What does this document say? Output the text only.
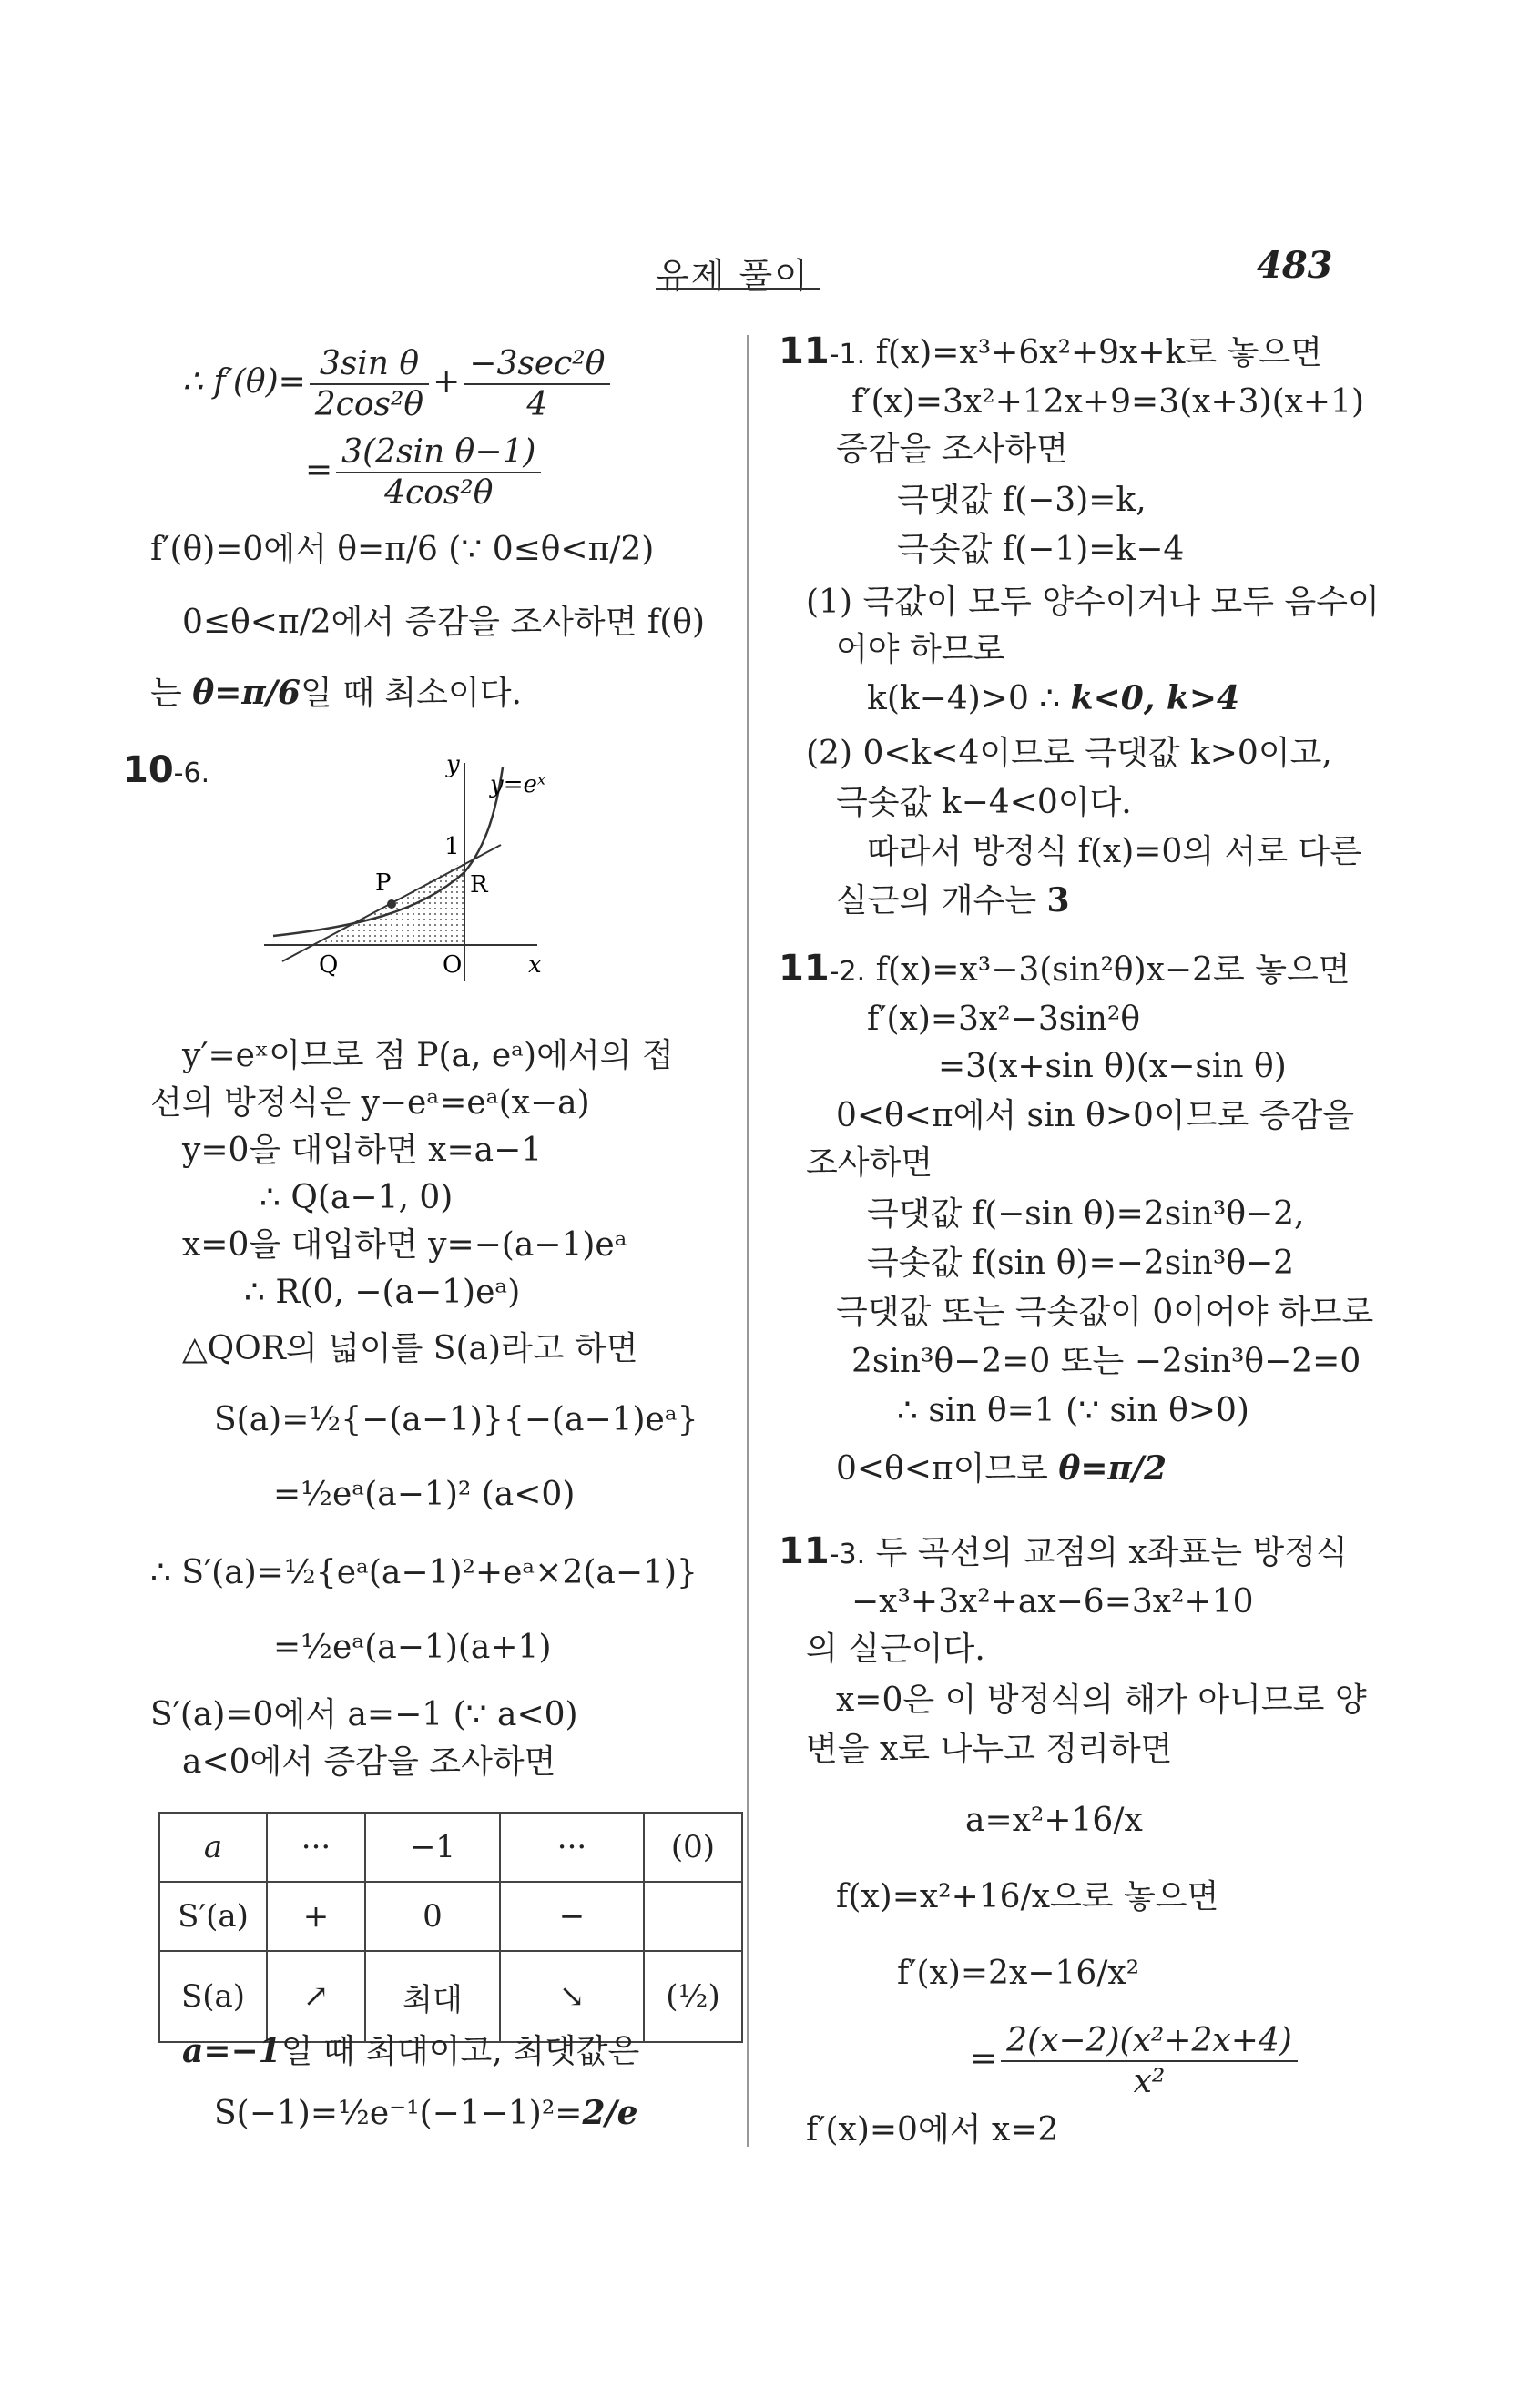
유제 풀이	483
∴ $f'(\theta)= \frac{\text{3sin θ}}{\text{2cos²θ}} + \frac{\text{−3sec²θ}}{4}$
= $\frac{\text{3(2sin θ−1)}}{\text{4cos²θ}}$
f′(θ)=0에서 θ=π/6 (∵ 0≤θ<π/2)
0≤θ<π/2에서 증감을 조사하면 f(θ)
는 θ=π/6일 때 최소이다.
10-6.	y
y=eˣ
1
P	R
Q	O	x
y′=eˣ이므로 점 P(a, eᵃ)에서의 접
선의 방정식은 y−eᵃ=eᵃ(x−a)
y=0을 대입하면 x=a−1
∴ Q(a−1, 0)
x=0을 대입하면 y=−(a−1)eᵃ
∴ R(0, −(a−1)eᵃ)
△QOR의 넓이를 S(a)라고 하면
S(a)=½{−(a−1)}{−(a−1)eᵃ}
=½eᵃ(a−1)² (a<0)
∴ S′(a)=½{eᵃ(a−1)²+eᵃ×2(a−1)}
=½eᵃ(a−1)(a+1)
S′(a)=0에서 a=−1 (∵ a<0)
a<0에서 증감을 조사하면
a	···	−1	···	(0)
S′(a)	+	0	−	
S(a)	↗	최대	↘	(½)
a=−1일 때 최대이고, 최댓값은
S(−1)=½e⁻¹(−1−1)²=2/e
11-1. f(x)=x³+6x²+9x+k로 놓으면
f′(x)=3x²+12x+9=3(x+3)(x+1)
증감을 조사하면
극댓값 f(−3)=k,
극솟값 f(−1)=k−4
(1) 극값이 모두 양수이거나 모두 음수이
어야 하므로
k(k−4)>0 ∴ k<0, k>4
(2) 0<k<4이므로 극댓값 k>0이고,
극솟값 k−4<0이다.
따라서 방정식 f(x)=0의 서로 다른
실근의 개수는 3
11-2. f(x)=x³−3(sin²θ)x−2로 놓으면
f′(x)=3x²−3sin²θ
=3(x+sin θ)(x−sin θ)
0<θ<π에서 sin θ>0이므로 증감을
조사하면
극댓값 f(−sin θ)=2sin³θ−2,
극솟값 f(sin θ)=−2sin³θ−2
극댓값 또는 극솟값이 0이어야 하므로
2sin³θ−2=0 또는 −2sin³θ−2=0
∴ sin θ=1 (∵ sin θ>0)
0<θ<π이므로 θ=π/2
11-3. 두 곡선의 교점의 x좌표는 방정식
−x³+3x²+ax−6=3x²+10
의 실근이다.
x=0은 이 방정식의 해가 아니므로 양
변을 x로 나누고 정리하면
a=x²+16/x
f(x)=x²+16/x으로 놓으면
f′(x)=2x−16/x²
= $\frac{\text{2(x−2)(x²+2x+4)}}{\text{x²}}$
f′(x)=0에서 x=2
